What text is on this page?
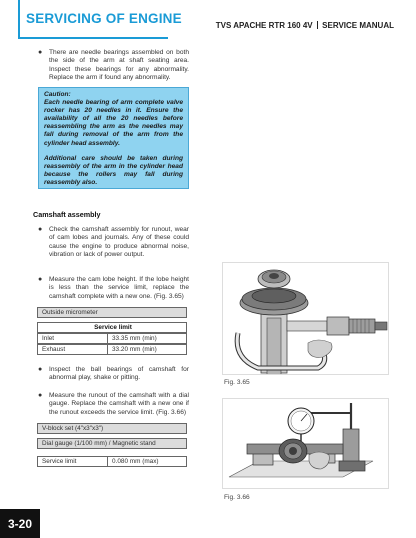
SERVICING OF ENGINE	TVS APACHE RTR 160 4V SERVICE MANUAL
● There are needle bearings assembled on both the side of the arm at shaft seating area. Inspect these bearings for any abnormality. Replace the arm if found any abnormality.

Caution:

Each needle bearing of arm complete valve rocker has 20 needles in it. Ensure the availability of all the 20 needles before reassembling the arm as the needles may fall during removal of the arm from the cylinder head assembly.

Additional care should be taken during reassembly of the arm in the cylinder head because the rollers may fall during reassembly also.

Camshaft assembly
● Check the camshaft assembly for runout, wear of cam lobes and journals. Any of these could cause the engine to produce abnormal noise, vibration or lack of power output.
● Measure the cam lobe height. If the lobe height is less than the service limit, replace the camshaft complete with a new one. (Fig. 3.65)
Outside micrometer
Service limit
Inlet	33.35 mm (min)
Exhaust	33.20 mm (min)
● Inspect the ball bearings of camshaft for abnormal play, shake or pitting.
● Measure the runout of the camshaft with a dial gauge. Replace the camshaft with a new one if the runout exceeds the service limit. (Fig. 3.66)
V-block set (4"x3"x3")
Dial gauge (1/100 mm) / Magnetic stand
Service limit	0.080 mm (max)
Fig. 3.65
Fig. 3.66
3-20
